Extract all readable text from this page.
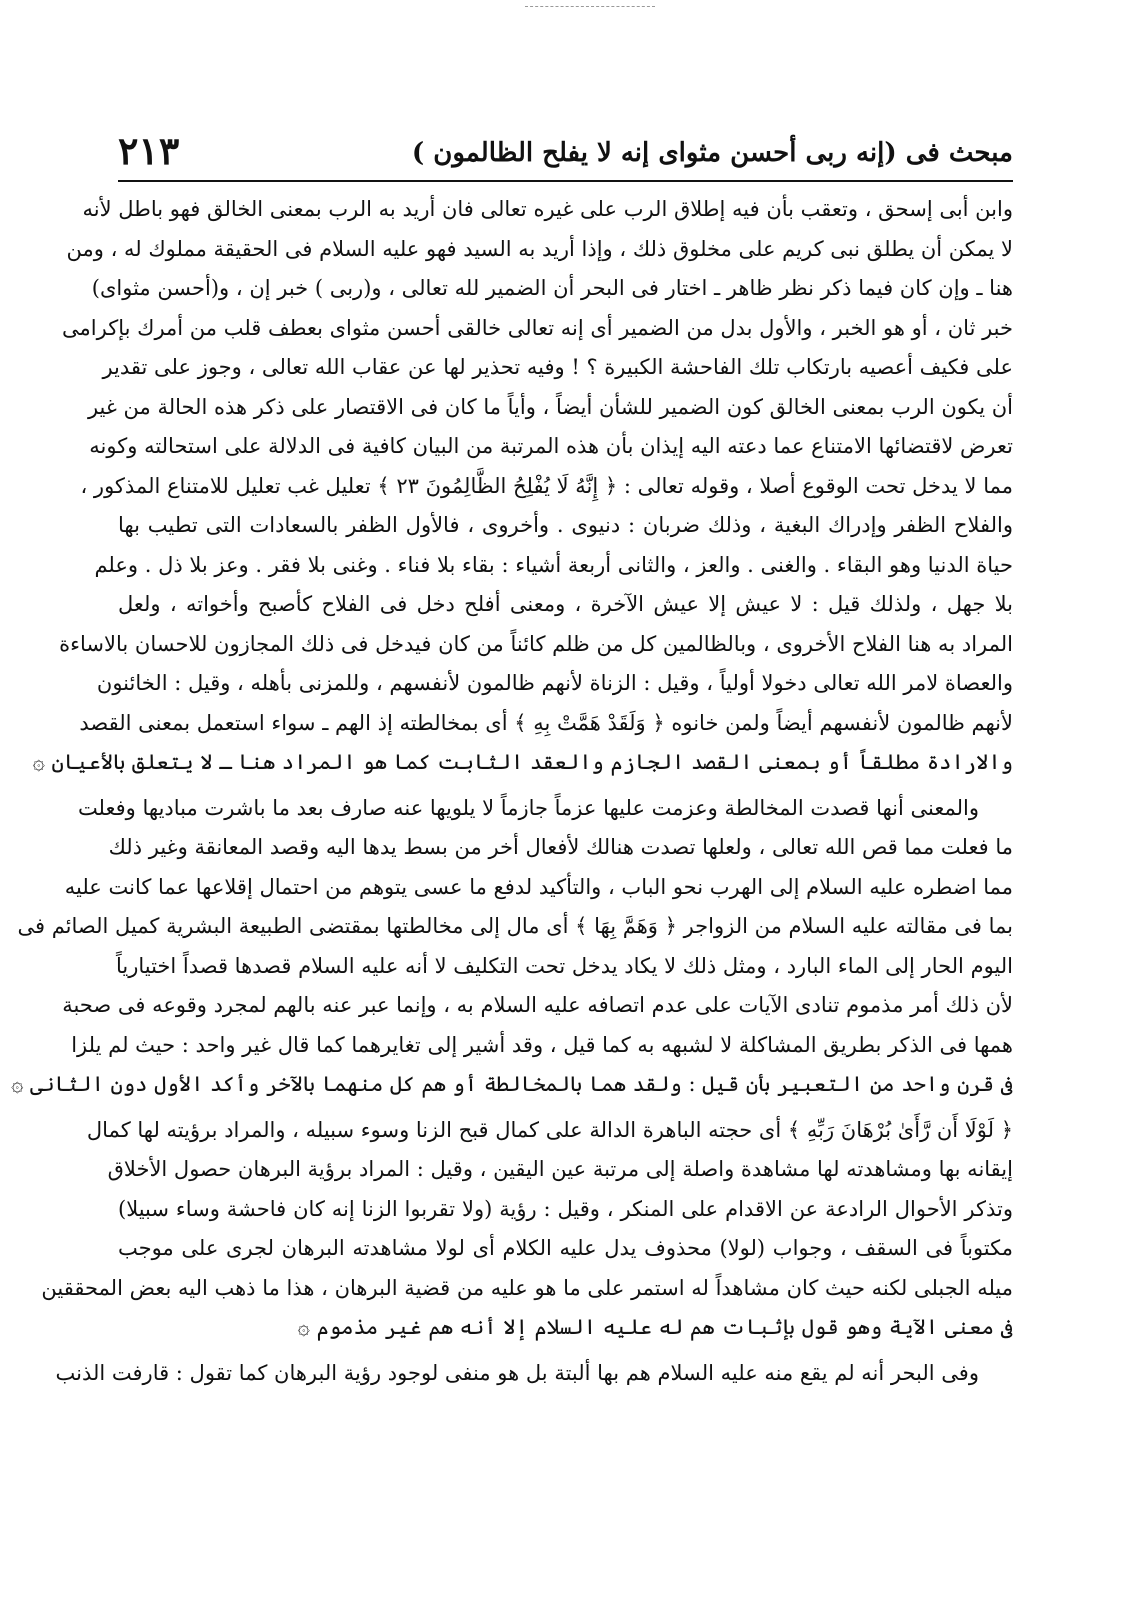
مبحث فى (إنه ربى أحسن مثواى إنه لا يفلح الظالمون )
٢١٣
وابن أبى إسحق ، وتعقب بأن فيه إطلاق الرب على غيره تعالى فان أريد به الرب بمعنى الخالق فهو باطل لأنه
لا يمكن أن يطلق نبى كريم على مخلوق ذلك ، وإذا أريد به السيد فهو عليه السلام فى الحقيقة مملوك له ، ومن
هنا ـ وإن كان فيما ذكر نظر ظاهر ـ اختار فى البحر أن الضمير لله تعالى ، و(ربى ) خبر إن ، و(أحسن مثواى)
خبر ثان ، أو هو الخبر ، والأول بدل من الضمير أى إنه تعالى خالقى أحسن مثواى بعطف قلب من أمرك بإكرامى
على فكيف أعصيه بارتكاب تلك الفاحشة الكبيرة ؟ ! وفيه تحذير لها عن عقاب الله تعالى ، وجوز على تقدير
أن يكون الرب بمعنى الخالق كون الضمير للشأن أيضاً ، وأياً ما كان فى الاقتصار على ذكر هذه الحالة من غير
تعرض لاقتضائها الامتناع عما دعته اليه إيذان بأن هذه المرتبة من البيان كافية فى الدلالة على استحالته وكونه
مما لا يدخل تحت الوقوع أصلا ، وقوله تعالى : ﴿ إِنَّهُ لَا يُفْلِحُ الظَّالِمُونَ ٢٣ ﴾ تعليل غب تعليل للامتناع المذكور ،
والفلاح الظفر وإدراك البغية ، وذلك ضربان : دنيوى . وأخروى ، فالأول الظفر بالسعادات التى تطيب بها
حياة الدنيا وهو البقاء . والغنى . والعز ، والثانى أربعة أشياء : بقاء بلا فناء . وغنى بلا فقر . وعز بلا ذل . وعلم
بلا جهل ، ولذلك قيل : لا عيش إلا عيش الآخرة ، ومعنى أفلح دخل فى الفلاح كأصبح وأخواته ، ولعل
المراد به هنا الفلاح الأخروى ، وبالظالمين كل من ظلم كائناً من كان فيدخل فى ذلك المجازون للاحسان بالاساءة
والعصاة لامر الله تعالى دخولا أولياً ، وقيل : الزناة لأنهم ظالمون لأنفسهم ، وللمزنى بأهله ، وقيل : الخائنون
لأنهم ظالمون لأنفسهم أيضاً ولمن خانوه ﴿ وَلَقَدْ هَمَّتْ بِهِ ﴾ أى بمخالطته إذ الهم ـ سواء استعمل بمعنى القصد
والارادة مطلقاً أو بمعنى القصد الجازم والعقد الثابت كما هو المراد هنا ـ لا يتعلق بالأعيان ۞
والمعنى أنها قصدت المخالطة وعزمت عليها عزماً جازماً لا يلويها عنه صارف بعد ما باشرت مباديها وفعلت
ما فعلت مما قص الله تعالى ، ولعلها تصدت هنالك لأفعال أخر من بسط يدها اليه وقصد المعانقة وغير ذلك
مما اضطره عليه السلام إلى الهرب نحو الباب ، والتأكيد لدفع ما عسى يتوهم من احتمال إقلاعها عما كانت عليه
بما فى مقالته عليه السلام من الزواجر ﴿ وَهَمَّ بِهَا ﴾ أى مال إلى مخالطتها بمقتضى الطبيعة البشرية كميل الصائم فى
اليوم الحار إلى الماء البارد ، ومثل ذلك لا يكاد يدخل تحت التكليف لا أنه عليه السلام قصدها قصداً اختيارياً
لأن ذلك أمر مذموم تنادى الآيات على عدم اتصافه عليه السلام به ، وإنما عبر عنه بالهم لمجرد وقوعه فى صحبة
همها فى الذكر بطريق المشاكلة لا لشبهه به كما قيل ، وقد أشير إلى تغايرهما كما قال غير واحد : حيث لم يلزا
فى قرن واحد من التعبير بأن قيل : ولقد هما بالمخالطة أو هم كل منهما بالآخر وأكد الأول دون الثانى ۞
﴿ لَوْلَا أَن رَّأَىٰ بُرْهَانَ رَبِّهِ ﴾ أى حجته الباهرة الدالة على كمال قبح الزنا وسوء سبيله ، والمراد برؤيته لها كمال
إيقانه بها ومشاهدته لها مشاهدة واصلة إلى مرتبة عين اليقين ، وقيل : المراد برؤية البرهان حصول الأخلاق
وتذكر الأحوال الرادعة عن الاقدام على المنكر ، وقيل : رؤية (ولا تقربوا الزنا إنه كان فاحشة وساء سبيلا)
مكتوباً فى السقف ، وجواب (لولا) محذوف يدل عليه الكلام أى لولا مشاهدته البرهان لجرى على موجب
ميله الجبلى لكنه حيث كان مشاهداً له استمر على ما هو عليه من قضية البرهان ، هذا ما ذهب اليه بعض المحققين
فى معنى الآية وهو قول بإثبات هم له عليه السلام إلا أنه هم غير مذموم ۞
وفى البحر أنه لم يقع منه عليه السلام هم بها ألبتة بل هو منفى لوجود رؤية البرهان كما تقول : قارفت الذنب
